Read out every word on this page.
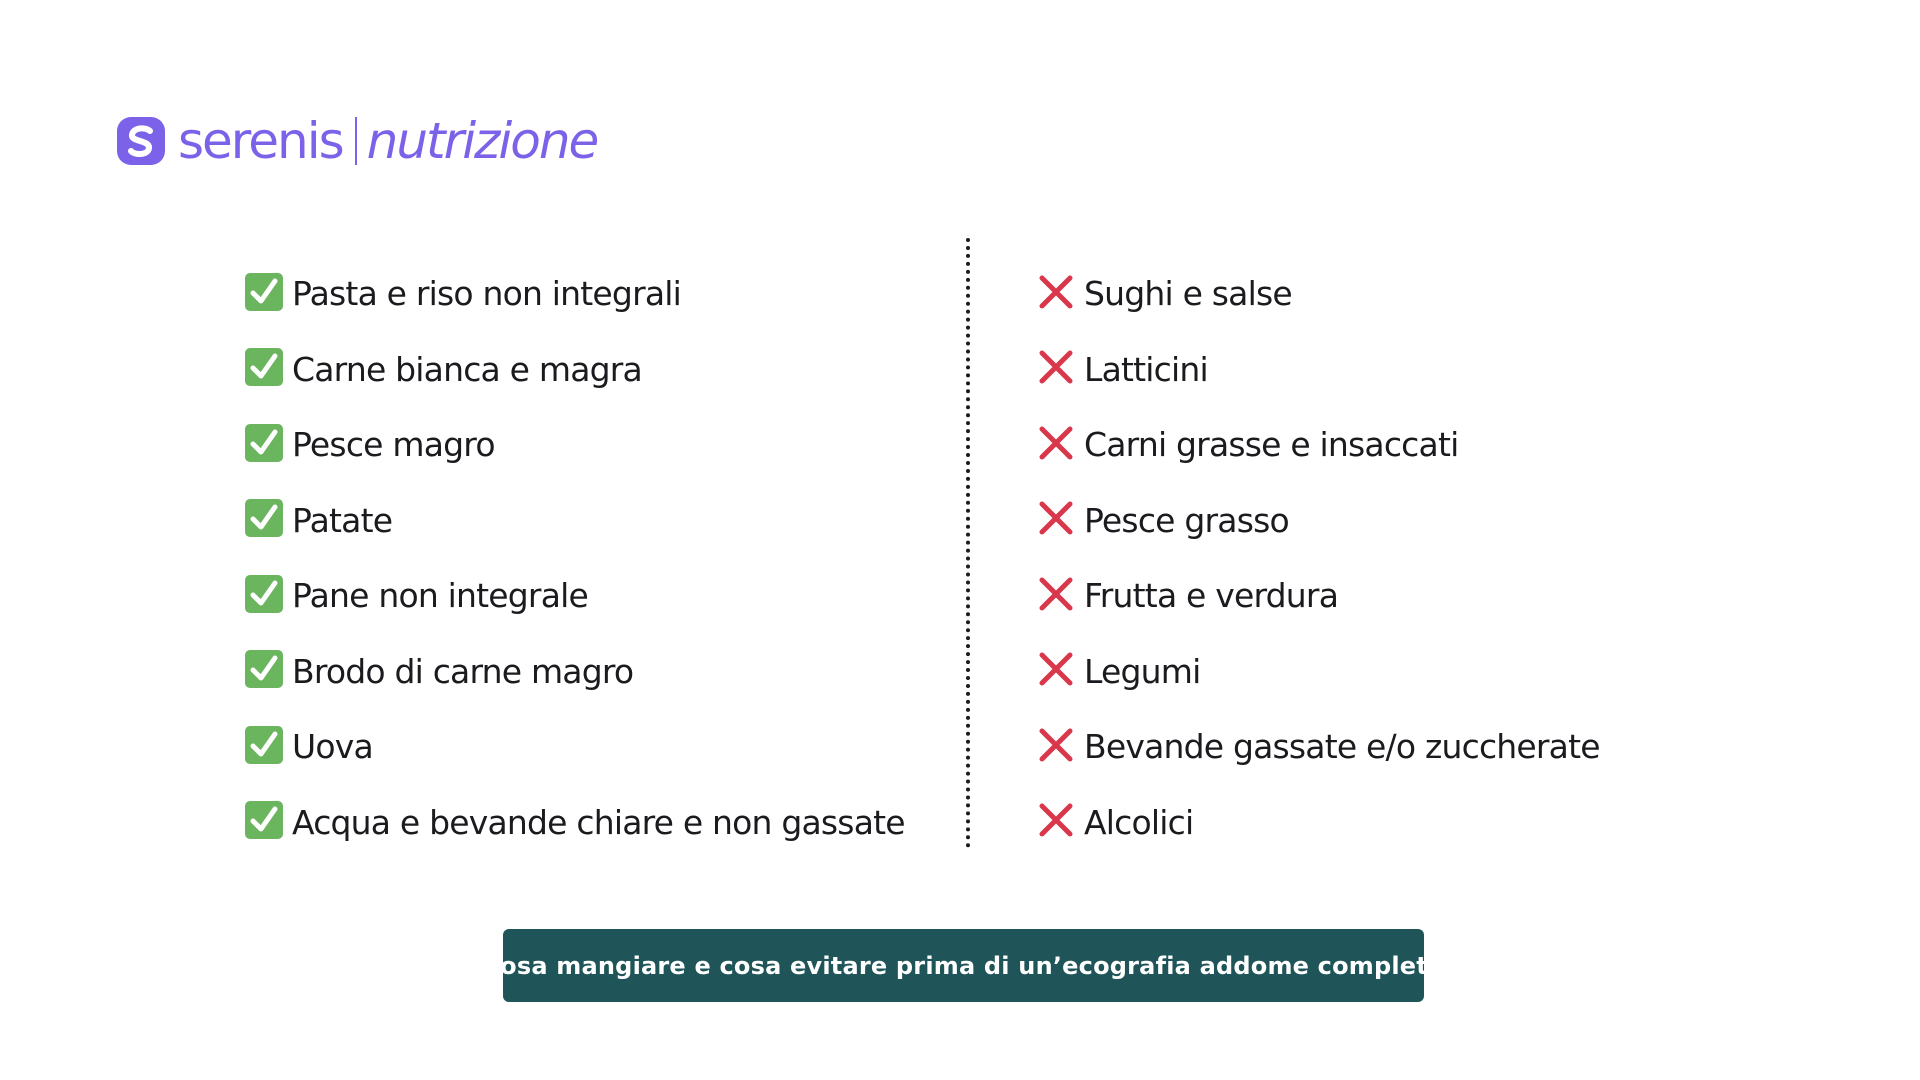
serenis nutrizione
Pasta e riso non integrali
Carne bianca e magra
Pesce magro
Patate
Pane non integrale
Brodo di carne magro
Uova
Acqua e bevande chiare e non gassate
Sughi e salse
Latticini
Carni grasse e insaccati
Pesce grasso
Frutta e verdura
Legumi
Bevande gassate e/o zuccherate
Alcolici
Cosa mangiare e cosa evitare prima di un’ecografia addome completo
